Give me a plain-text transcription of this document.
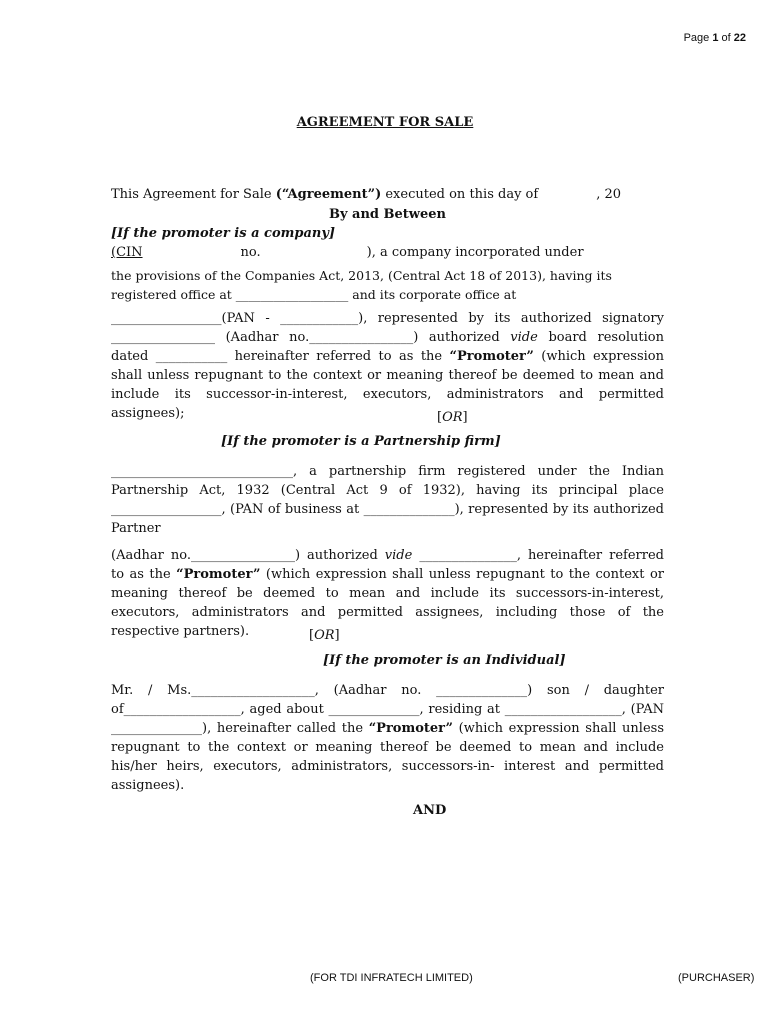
Page 1 of 22
AGREEMENT FOR SALE
This Agreement for Sale (“Agreement”) executed on this day of	, 20
By and Between
[If the promoter is a company]
(CIN	no.	), a company incorporated under
the provisions of the Companies Act, 2013, (Central Act 18 of 2013), having its registered office at __________________ and its corporate office at

_________________(PAN - ____________), represented by its authorized signatory ________________ (Aadhar no.________________) authorized vide board resolution dated ___________ hereinafter referred to as the “Promoter” (which expression shall unless repugnant to the context or meaning thereof be deemed to mean and include its successor-in-interest, executors, administrators and permitted assignees);	[OR]
[If the promoter is a Partnership firm]

____________________________, a partnership firm registered under the Indian Partnership Act, 1932 (Central Act 9 of 1932), having its principal place _________________, (PAN of business at ______________), represented by its authorized Partner

(Aadhar no.________________) authorized vide _______________, hereinafter referred to as the “Promoter” (which expression shall unless repugnant to the context or meaning thereof be deemed to mean and include its successors-in-interest, executors, administrators and permitted assignees, including those of the respective partners).	[OR]
[If the promoter is an Individual]

Mr. / Ms.___________________, (Aadhar no. ______________) son / daughter of__________________, aged about ______________, residing at __________________, (PAN ______________), hereinafter called the “Promoter” (which expression shall unless repugnant to the context or meaning thereof be deemed to mean and include his/her heirs, executors, administrators, successors-in- interest and permitted assignees).

AND
(FOR TDI INFRATECH LIMITED)	(PURCHASER)
